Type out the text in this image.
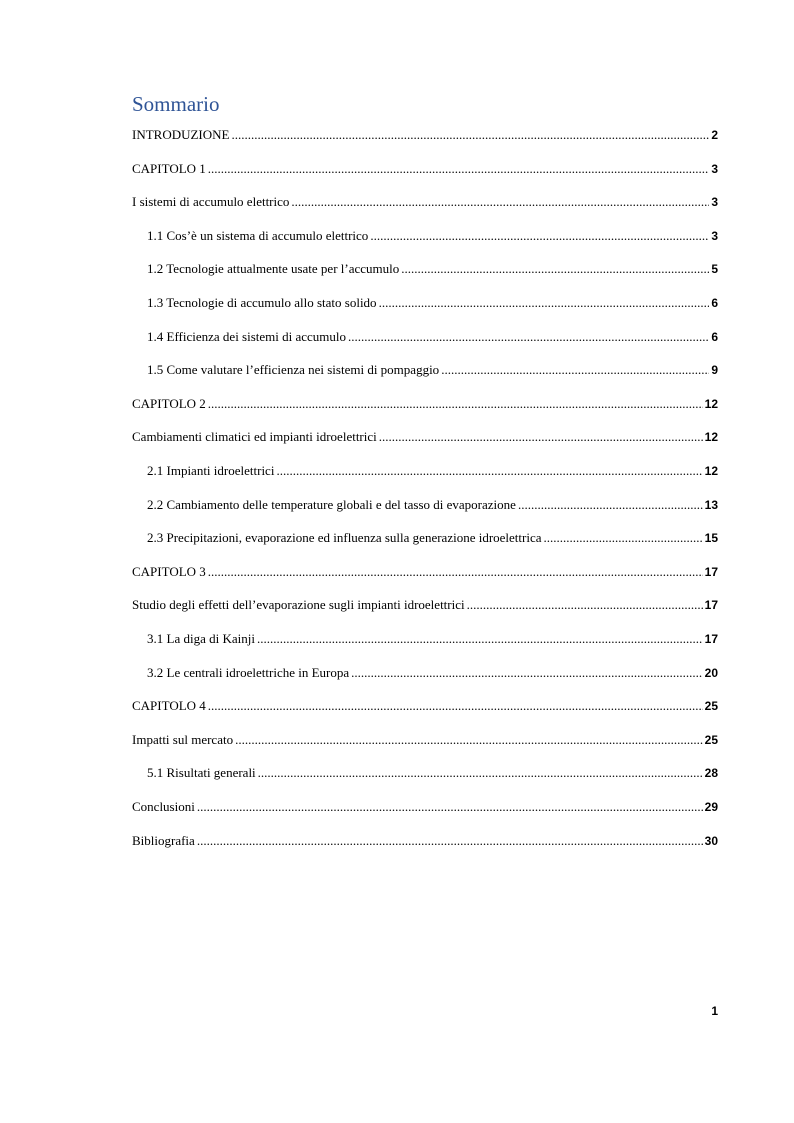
Sommario
INTRODUZIONE .....	2
CAPITOLO 1 .....	3
I sistemi di accumulo elettrico .....	3
1.1 Cos’è un sistema di accumulo elettrico .....	3
1.2 Tecnologie attualmente usate per l’accumulo .....	5
1.3 Tecnologie di accumulo allo stato solido .....	6
1.4 Efficienza dei sistemi di accumulo .....	6
1.5 Come valutare l’efficienza nei sistemi di pompaggio .....	9
CAPITOLO 2 .....	12
Cambiamenti climatici ed impianti idroelettrici .....	12
2.1 Impianti idroelettrici .....	12
2.2 Cambiamento delle temperature globali e del tasso di evaporazione .....	13
2.3 Precipitazioni, evaporazione ed influenza sulla generazione idroelettrica .....	15
CAPITOLO 3 .....	17
Studio degli effetti dell’evaporazione sugli impianti idroelettrici .....	17
3.1 La diga di Kainji .....	17
3.2 Le centrali idroelettriche in Europa .....	20
CAPITOLO 4 .....	25
Impatti sul mercato .....	25
5.1 Risultati generali .....	28
Conclusioni .....	29
Bibliografia .....	30
1
